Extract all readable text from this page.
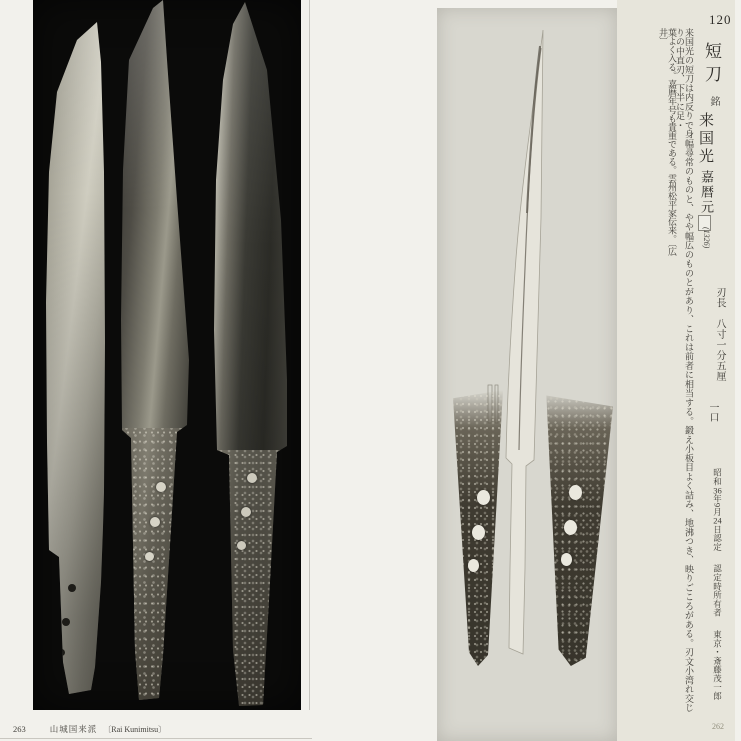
120
短刀
銘
来国光
嘉暦元
(1326)
来国光の短刀は内反りで身幅尋常のものと、やや幅広のものとがあり、これは前者に相当する。鍛え小板目よく詰み、地沸つき、映りごころがある。刃文小湾れ交じりの中直刃、下半に足・
葉よく入る。嘉暦年号も貴重である。雲州松平家伝来。〔広井〕
刃長　八寸一分五厘
一口
昭和36年9月24日認定認定時所有者東京・斎藤茂一郎
262
263	山城国来派 〔Rai Kunimitsu〕
